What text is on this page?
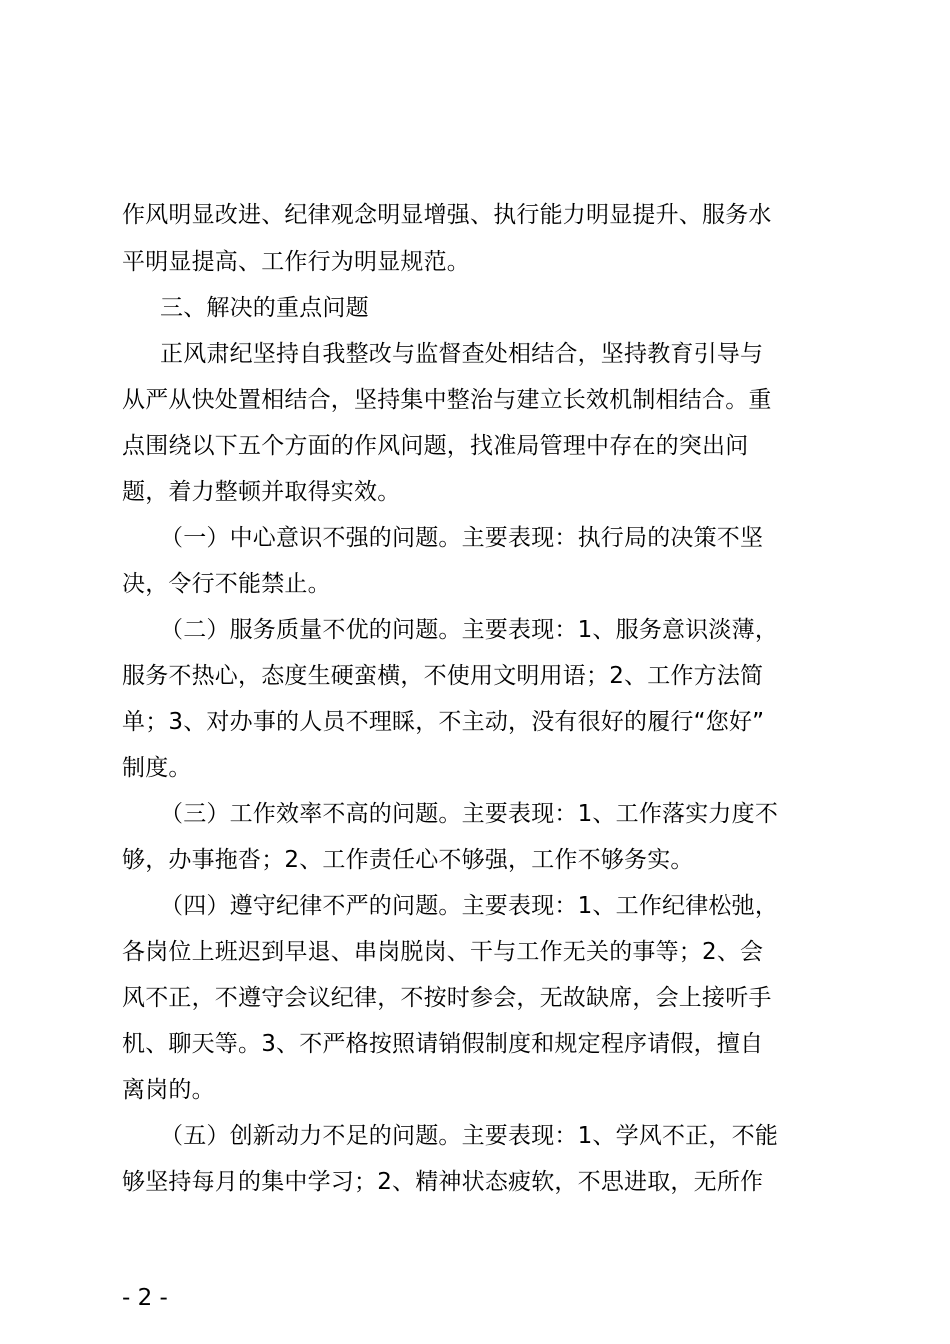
作风明显改进、纪律观念明显增强、执行能力明显提升、服务水
平明显提高、工作行为明显规范。
三、解决的重点问题
正风肃纪坚持自我整改与监督查处相结合，坚持教育引导与
从严从快处置相结合，坚持集中整治与建立长效机制相结合。重
点围绕以下五个方面的作风问题，找准局管理中存在的突出问
题，着力整顿并取得实效。
（一）中心意识不强的问题。主要表现：执行局的决策不坚
决，令行不能禁止。
（二）服务质量不优的问题。主要表现：1、服务意识淡薄，
服务不热心，态度生硬蛮横，不使用文明用语；2、工作方法简
单；3、对办事的人员不理睬，不主动，没有很好的履行“您好”
制度。
（三）工作效率不高的问题。主要表现：1、工作落实力度不
够，办事拖沓；2、工作责任心不够强，工作不够务实。
（四）遵守纪律不严的问题。主要表现：1、工作纪律松弛，
各岗位上班迟到早退、串岗脱岗、干与工作无关的事等；2、会
风不正，不遵守会议纪律，不按时参会，无故缺席，会上接听手
机、聊天等。3、不严格按照请销假制度和规定程序请假，擅自
离岗的。
（五）创新动力不足的问题。主要表现：1、学风不正，不能
够坚持每月的集中学习；2、精神状态疲软，不思进取，无所作
- 2 -
